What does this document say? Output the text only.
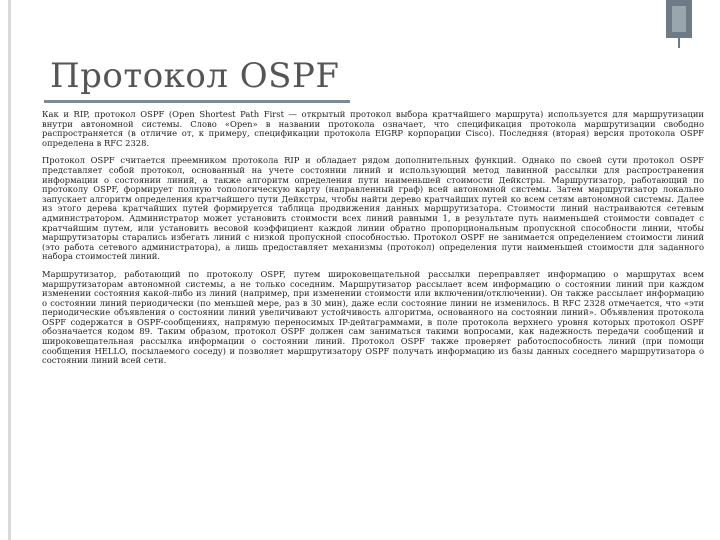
Протокол OSPF

Как и RIP, протокол OSPF (Open Shortest Path First — открытый протокол выбора кратчайшего маршрута) используется для маршрутизации внутри автономной системы. Слово «Open» в названии протокола означает, что спецификация протокола маршрутизации свободно распространяется (в отличие от, к примеру, спецификации протокола EIGRP корпорации Cisco). Последняя (вторая) версия протокола OSPF определена в RFC 2328.

Протокол OSPF считается преемником протокола RIP и обладает рядом дополнительных функций. Однако по своей сути протокол OSPF представляет собой протокол, основанный на учете состоянии линий и использующий метод лавинной рассылки для распространения информации о состоянии линий, а также алгоритм определения пути наименьшей стоимости Дейкстры. Маршрутизатор, работающий по протоколу OSPF, формирует полную топологическую карту (направленный граф) всей автономной системы. Затем маршрутизатор локально запускает алгоритм определения кратчайшего пути Дейкстры, чтобы найти дерево кратчайших путей ко всем сетям автономной системы. Далее из этого дерева кратчайших путей формируется таблица продвижения данных маршрутизатора. Стоимости линий настраиваются сетевым администратором. Администратор может установить стоимости всех линий равными 1, в результате путь наименьшей стоимости совпадет с кратчайшим путем, или установить весовой коэффициент каждой линии обратно пропорциональным пропускной способности линии, чтобы маршрутизаторы старались избегать линий с низкой пропускной способностью. Протокол OSPF не занимается определением стоимости линий (это работа сетевого администратора), а лишь предоставляет механизмы (протокол) определения пути наименьшей стоимости для заданного набора стоимостей линий.

Маршрутизатор, работающий по протоколу OSPF, путем широковещательной рассылки переправляет информацию о маршрутах всем маршрутизаторам автономной системы, а не только соседним. Маршрутизатор рассылает всем информацию о состоянии линий при каждом изменении состояния какой-либо из линий (например, при изменении стоимости или включении/отключении). Он также рассылает информацию о состоянии линий периодически (по меньшей мере, раз в 30 мин), даже если состояние линии не изменилось. В RFC 2328 отмечается, что «эти периодические объявления о состоянии линий увеличивают устойчивость алгоритма, основанного на состоянии линий». Объявления протокола OSPF содержатся в OSPF-сообщениях, напрямую переносимых IP-дейтаграммами, в поле протокола верхнего уровня которых протокол OSPF обозначается кодом 89. Таким образом, протокол OSPF должен сам заниматься такими вопросами, как надежность передачи сообщений и широковещательная рассылка информации о состоянии линий. Протокол OSPF также проверяет работоспособность линий (при помощи сообщения HELLO, посылаемого соседу) и позволяет маршрутизатору OSPF получать информацию из базы данных соседнего маршрутизатора о состоянии линий всей сети.
